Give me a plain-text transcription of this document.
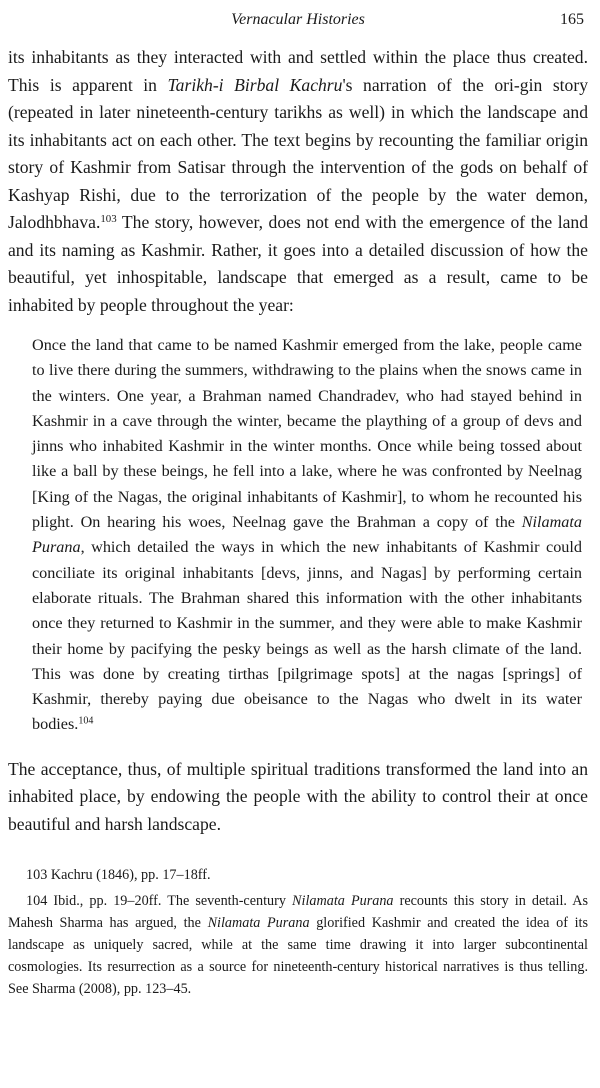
Vernacular Histories	165

its inhabitants as they interacted with and settled within the place thus created. This is apparent in Tarikh-i Birbal Kachru's narration of the ori-gin story (repeated in later nineteenth-century tarikhs as well) in which the landscape and its inhabitants act on each other. The text begins by recounting the familiar origin story of Kashmir from Satisar through the intervention of the gods on behalf of Kashyap Rishi, due to the terrorization of the people by the water demon, Jalodhbhava.$^{103}$ The story, however, does not end with the emergence of the land and its naming as Kashmir. Rather, it goes into a detailed discussion of how the beautiful, yet inhospitable, landscape that emerged as a result, came to be inhabited by people throughout the year:

Once the land that came to be named Kashmir emerged from the lake, people came to live there during the summers, withdrawing to the plains when the snows came in the winters. One year, a Brahman named Chandradev, who had stayed behind in Kashmir in a cave through the winter, became the plaything of a group of devs and jinns who inhabited Kashmir in the winter months. Once while being tossed about like a ball by these beings, he fell into a lake, where he was confronted by Neelnag [King of the Nagas, the original inhabitants of Kashmir], to whom he recounted his plight. On hearing his woes, Neelnag gave the Brahman a copy of the Nilamata Purana, which detailed the ways in which the new inhabitants of Kashmir could conciliate its original inhabitants [devs, jinns, and Nagas] by performing certain elaborate rituals. The Brahman shared this information with the other inhabitants once they returned to Kashmir in the summer, and they were able to make Kashmir their home by pacifying the pesky beings as well as the harsh climate of the land. This was done by creating tirthas [pilgrimage spots] at the nagas [springs] of Kashmir, thereby paying due obeisance to the Nagas who dwelt in its water bodies.$^{104}$

The acceptance, thus, of multiple spiritual traditions transformed the land into an inhabited place, by endowing the people with the ability to control their at once beautiful and harsh landscape.

103 Kachru (1846), pp. 17–18ff.

104 Ibid., pp. 19–20ff. The seventh-century Nilamata Purana recounts this story in detail. As Mahesh Sharma has argued, the Nilamata Purana glorified Kashmir and created the idea of its landscape as uniquely sacred, while at the same time drawing it into larger subcontinental cosmologies. Its resurrection as a source for nineteenth-century historical narratives is thus telling. See Sharma (2008), pp. 123–45.
